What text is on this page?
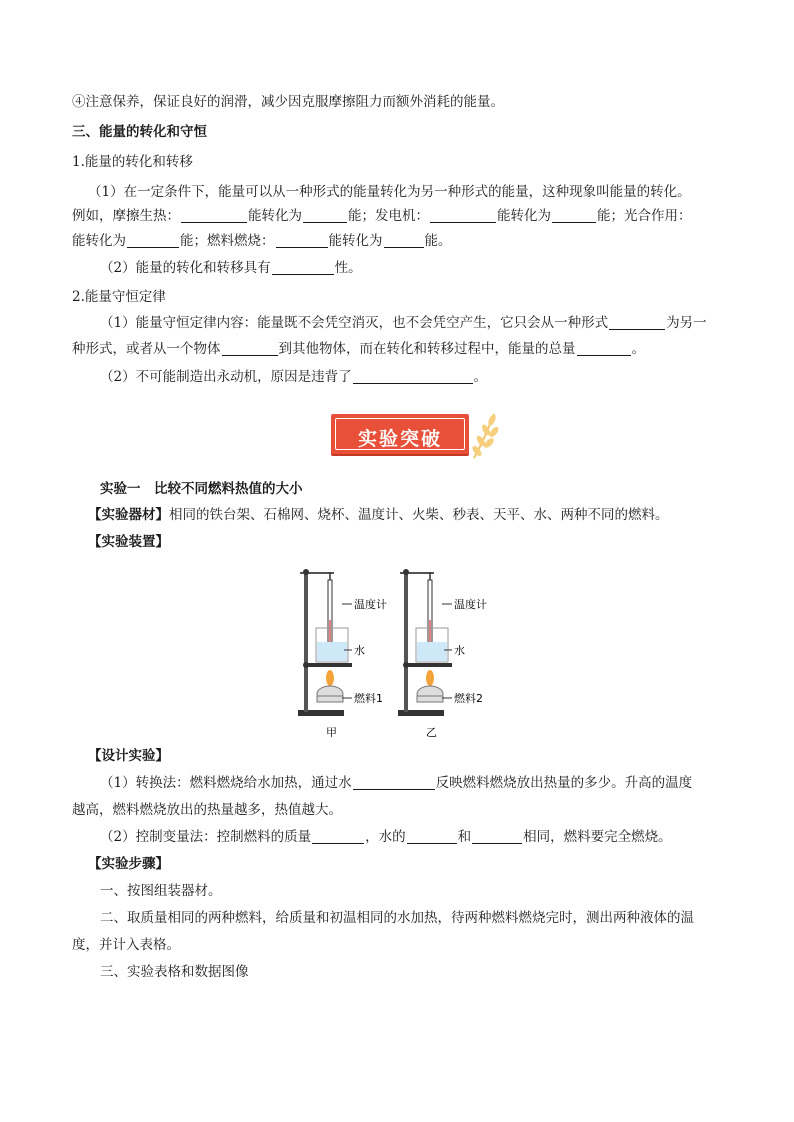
④注意保养，保证良好的润滑，减少因克服摩擦阻力而额外消耗的能量。
三、能量的转化和守恒
1.能量的转化和转移
（1）在一定条件下，能量可以从一种形式的能量转化为另一种形式的能量，这种现象叫能量的转化。
例如，摩擦生热：	能转化为	能；发电机：	能转化为	能；光合作用：
能转化为	能；燃料燃烧：	能转化为	能。
（2）能量的转化和转移具有	性。
2.能量守恒定律
（1）能量守恒定律内容：能量既不会凭空消灭，也不会凭空产生，它只会从一种形式	为另一
种形式，或者从一个物体	到其他物体，而在转化和转移过程中，能量的总量	。
（2）不可能制造出永动机，原因是违背了	。
实验突破
实验一　比较不同燃料热值的大小
【实验器材】相同的铁台架、石棉网、烧杯、温度计、火柴、秒表、天平、水、两种不同的燃料。
【实验装置】
温度计
水
燃料1
温度计
水
燃料2
甲	乙
【设计实验】
（1）转换法：燃料燃烧给水加热，通过水	反映燃料燃烧放出热量的多少。升高的温度
越高，燃料燃烧放出的热量越多，热值越大。
（2）控制变量法：控制燃料的质量	，水的	和	相同，燃料要完全燃烧。
【实验步骤】
一、按图组装器材。
二、取质量相同的两种燃料，给质量和初温相同的水加热，待两种燃料燃烧完时，测出两种液体的温
度，并计入表格。
三、实验表格和数据图像
